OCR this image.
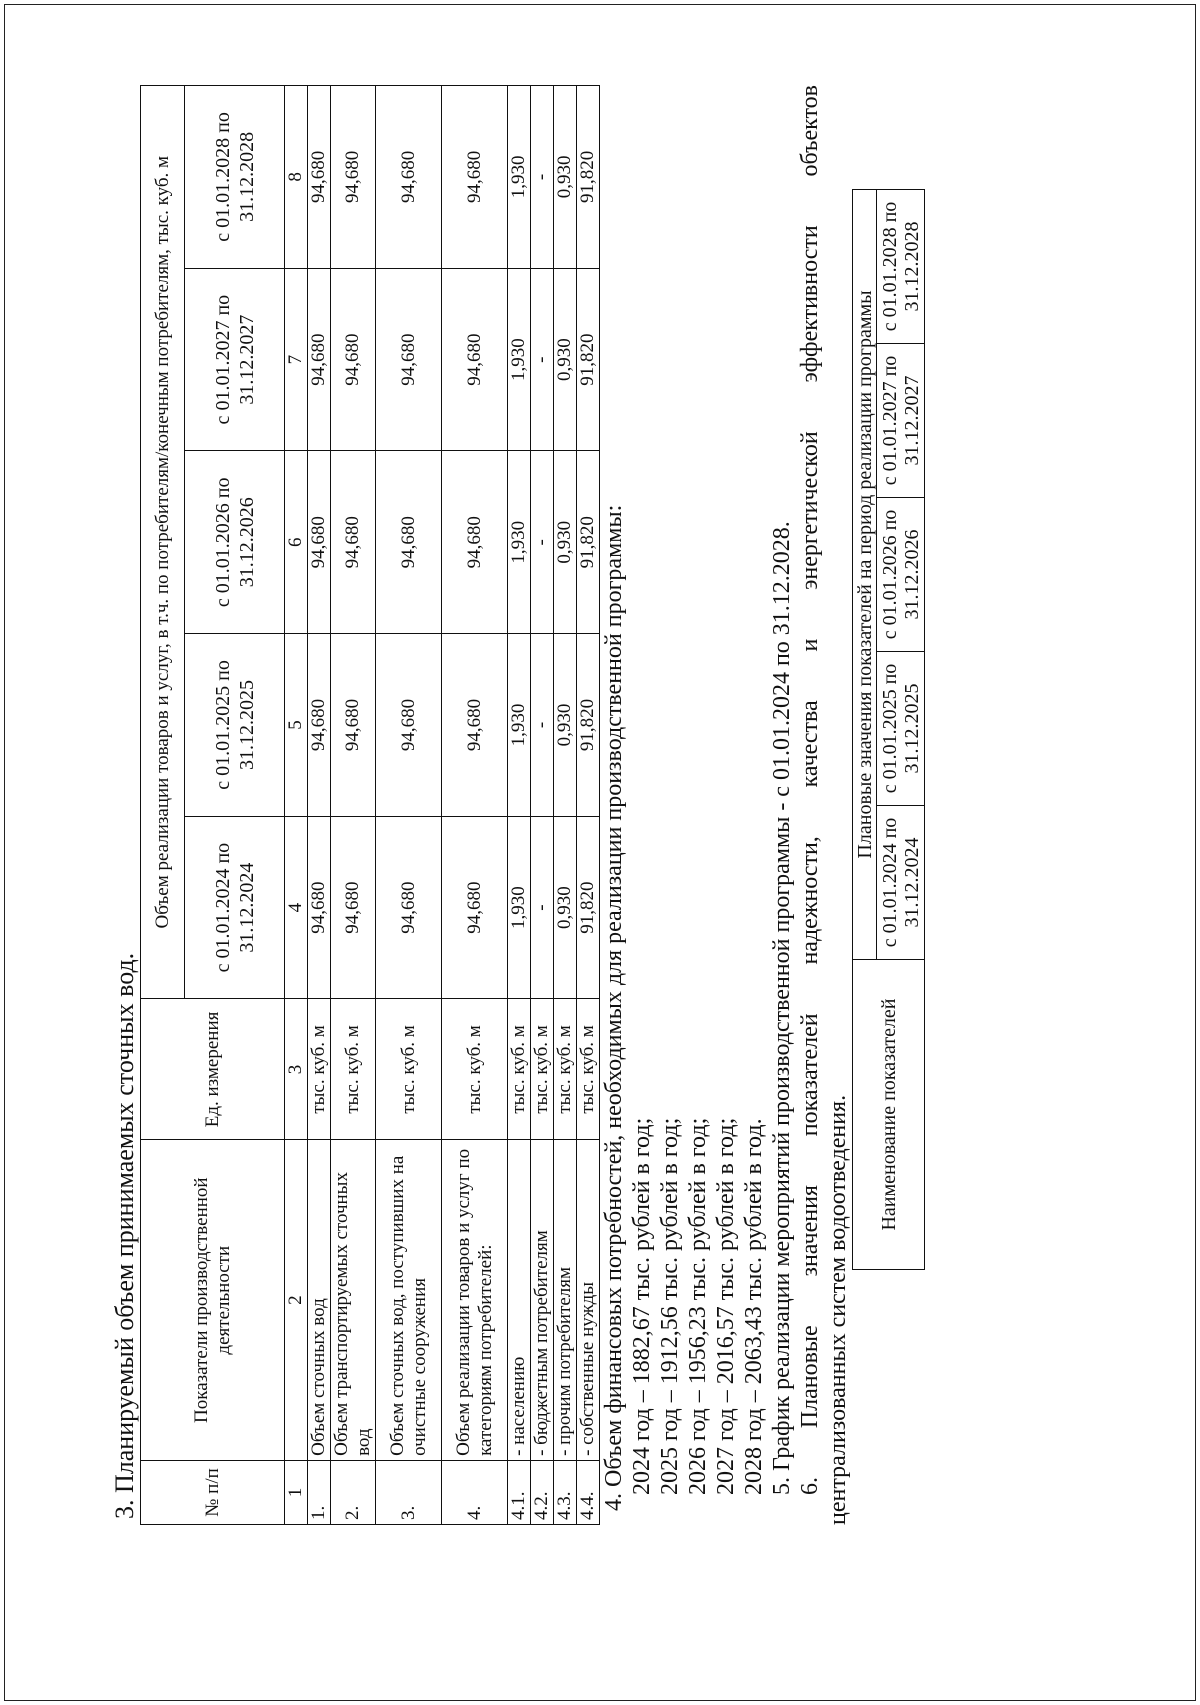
3. Планируемый объем принимаемых сточных вод.	№ п/п	Показатели производственной деятельности	Ед. измерения	Объем реализации товаров и услуг, в т.ч. по потребителям/конечным потребителям, тыс. куб. м				
			с 01.01.2024 по 31.12.2024	с 01.01.2025 по 31.12.2025	с 01.01.2026 по 31.12.2026	с 01.01.2027 по 31.12.2027	с 01.01.2028 по 31.12.2028
1	2	3	4	5	6	7	8
1.	Объем сточных вод	тыс. куб. м	94,680	94,680	94,680	94,680	94,680
2.	Объем транспортируемых сточных вод	тыс. куб. м	94,680	94,680	94,680	94,680	94,680
3.	Объем сточных вод, поступивших на очистные сооружения	тыс. куб. м	94,680	94,680	94,680	94,680	94,680
4.	Объем реализации товаров и услуг по категориям потребителей:	тыс. куб. м	94,680	94,680	94,680	94,680	94,680
4.1.	- населению	тыс. куб. м	1,930	1,930	1,930	1,930	1,930
4.2.	- бюджетным потребителям	тыс. куб. м	-	-	-	-	-
4.3.	- прочим потребителям	тыс. куб. м	0,930	0,930	0,930	0,930	0,930
4.4.	- собственные нужды	тыс. куб. м	91,820	91,820	91,820	91,820	91,820

4. Объем финансовых потребностей, необходимых для реализации производственной программы: 2024 год – 1882,67 тыс. рублей в год; 2025 год – 1912,56 тыс. рублей в год; 2026 год – 1956,23 тыс. рублей в год; 2027 год – 2016,57 тыс. рублей в год; 2028 год – 2063,43 тыс. рублей в год. 5. График реализации мероприятий производственной программы - с 01.01.2024 по 31.12.2028. 6. Плановые значения показателей надежности, качества и энергетической эффективности объектов централизованных систем водоотведения. Наименование показателей	Плановые значения показателей на период реализации программы				
	с 01.01.2024 по 31.12.2024	с 01.01.2025 по 31.12.2025	с 01.01.2026 по 31.12.2026	с 01.01.2027 по 31.12.2027	с 01.01.2028 по 31.12.2028
